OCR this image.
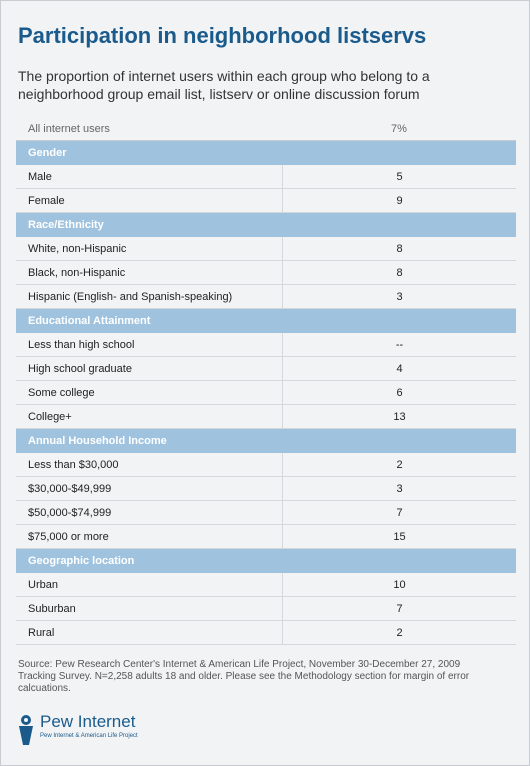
Participation in neighborhood listservs
The proportion of internet users within each group who belong to a neighborhood group email list, listserv or online discussion forum
All internet users	7%
Gender
Male	5
Female	9
Race/Ethnicity
White, non-Hispanic	8
Black, non-Hispanic	8
Hispanic (English- and Spanish-speaking)	3
Educational Attainment
Less than high school	--
High school graduate	4
Some college	6
College+	13
Annual Household Income
Less than $30,000	2
$30,000-$49,999	3
$50,000-$74,999	7
$75,000 or more	15
Geographic location
Urban	10
Suburban	7
Rural	2
Source: Pew Research Center's Internet & American Life Project, November 30-December 27, 2009 Tracking Survey. N=2,258 adults 18 and older. Please see the Methodology section for margin of error calcuations.
Pew Internet
Pew Internet & American Life Project
